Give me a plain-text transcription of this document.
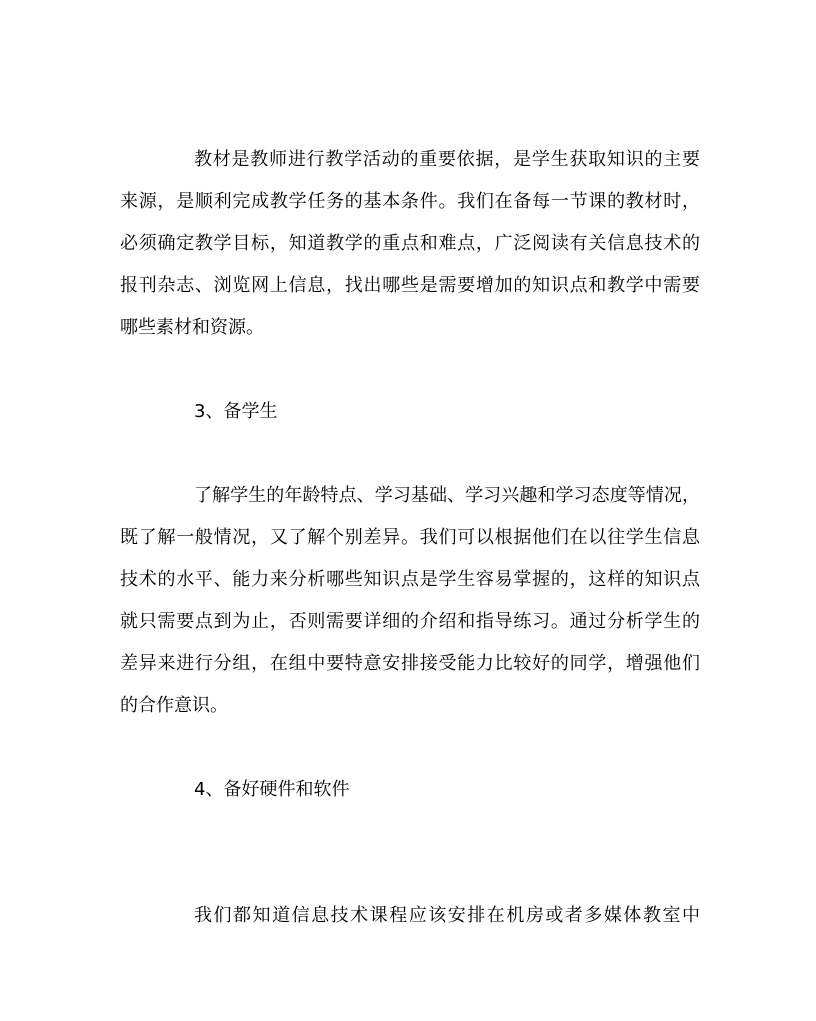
教材是教师进行教学活动的重要依据，是学生获取知识的主要
来源，是顺利完成教学任务的基本条件。我们在备每一节课的教材时，
必须确定教学目标，知道教学的重点和难点，广泛阅读有关信息技术的
报刊杂志、浏览网上信息，找出哪些是需要增加的知识点和教学中需要
哪些素材和资源。
3、备学生
了解学生的年龄特点、学习基础、学习兴趣和学习态度等情况，
既了解一般情况，又了解个别差异。我们可以根据他们在以往学生信息
技术的水平、能力来分析哪些知识点是学生容易掌握的，这样的知识点
就只需要点到为止，否则需要详细的介绍和指导练习。通过分析学生的
差异来进行分组，在组中要特意安排接受能力比较好的同学，增强他们
的合作意识。
4、备好硬件和软件
我们都知道信息技术课程应该安排在机房或者多媒体教室中
